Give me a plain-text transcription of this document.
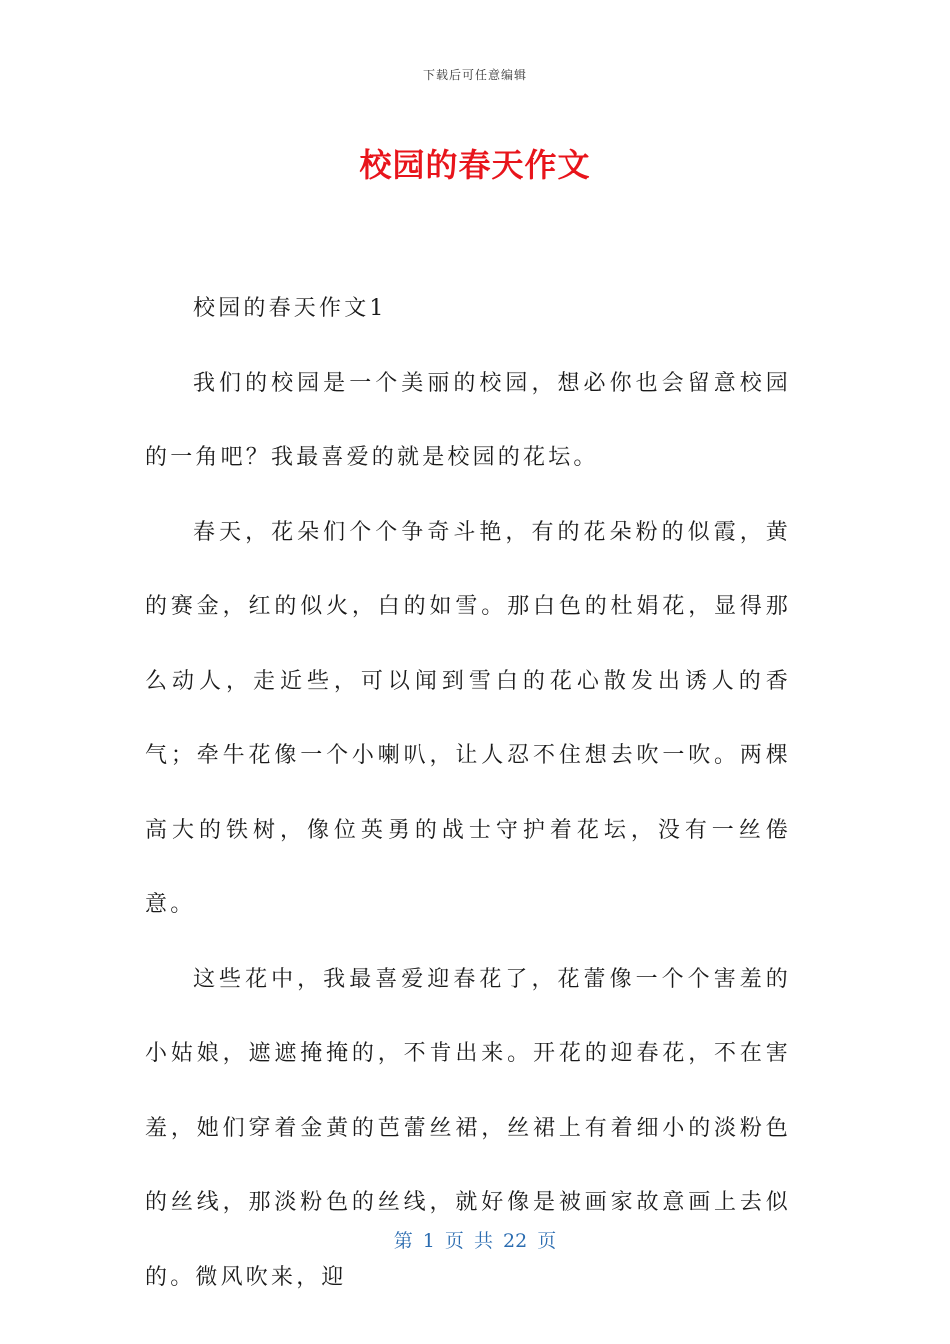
下载后可任意编辑
校园的春天作文

校园的春天作文1

我们的校园是一个美丽的校园，想必你也会留意校园的一角吧？我最喜爱的就是校园的花坛。

春天，花朵们个个争奇斗艳，有的花朵粉的似霞，黄的赛金，红的似火，白的如雪。那白色的杜娟花，显得那么动人，走近些，可以闻到雪白的花心散发出诱人的香气；牵牛花像一个小喇叭，让人忍不住想去吹一吹。两棵高大的铁树，像位英勇的战士守护着花坛，没有一丝倦意。

这些花中，我最喜爱迎春花了，花蕾像一个个害羞的小姑娘，遮遮掩掩的，不肯出来。开花的迎春花，不在害羞，她们穿着金黄的芭蕾丝裙，丝裙上有着细小的淡粉色的丝线，那淡粉色的丝线，就好像是被画家故意画上去似的。微风吹来，迎

第 1 页 共 22 页
